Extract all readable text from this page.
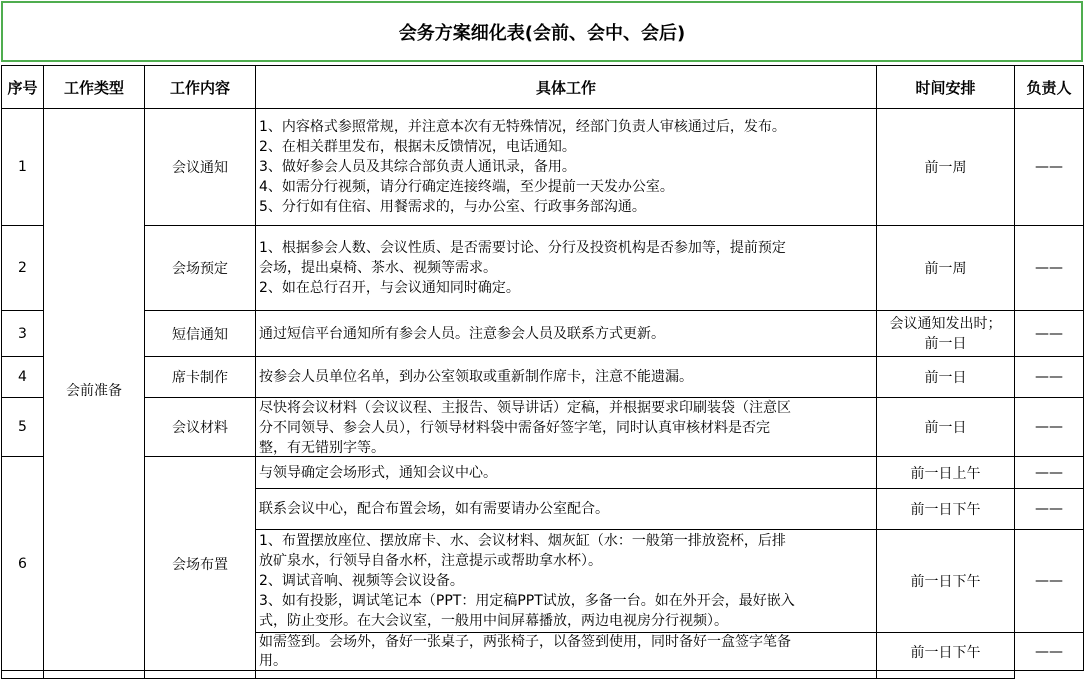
会务方案细化表(会前、会中、会后)
序号	工作类型	工作内容	具体工作	时间安排	负责人
1	会前准备	会议通知	1、内容格式参照常规，并注意本次有无特殊情况，经部门负责人审核通过后，发布。
2、在相关群里发布，根据未反馈情况，电话通知。
3、做好参会人员及其综合部负责人通讯录，备用。
4、如需分行视频，请分行确定连接终端，至少提前一天发办公室。
5、分行如有住宿、用餐需求的，与办公室、行政事务部沟通。	前一周	——
2		会场预定	1、根据参会人数、会议性质、是否需要讨论、分行及投资机构是否参加等，提前预定
会场，提出桌椅、茶水、视频等需求。
2、如在总行召开，与会议通知同时确定。	前一周	——
3		短信通知	通过短信平台通知所有参会人员。注意参会人员及联系方式更新。	会议通知发出时；
前一日	——
4		席卡制作	按参会人员单位名单，到办公室领取或重新制作席卡，注意不能遗漏。	前一日	——
5		会议材料	尽快将会议材料（会议议程、主报告、领导讲话）定稿，并根据要求印刷装袋（注意区
分不同领导、参会人员），行领导材料袋中需备好签字笔，同时认真审核材料是否完
整，有无错别字等。	前一日	——
6		会场布置	与领导确定会场形式，通知会议中心。	前一日上午	——

			联系会议中心，配合布置会场，如有需要请办公室配合。	前一日下午	——

			1、布置摆放座位、摆放席卡、水、会议材料、烟灰缸（水：一般第一排放瓷杯，后排
放矿泉水，行领导自备水杯，注意提示或帮助拿水杯）。
2、调试音响、视频等会议设备。
3、如有投影，调试笔记本（PPT：用定稿PPT试放，多备一台。如在外开会，最好嵌入
式，防止变形。在大会议室，一般用中间屏幕播放，两边电视房分行视频）。	前一日下午	——

			如需签到。会场外，备好一张桌子，两张椅子，以备签到使用，同时备好一盒签字笔备
用。	前一日下午	——
